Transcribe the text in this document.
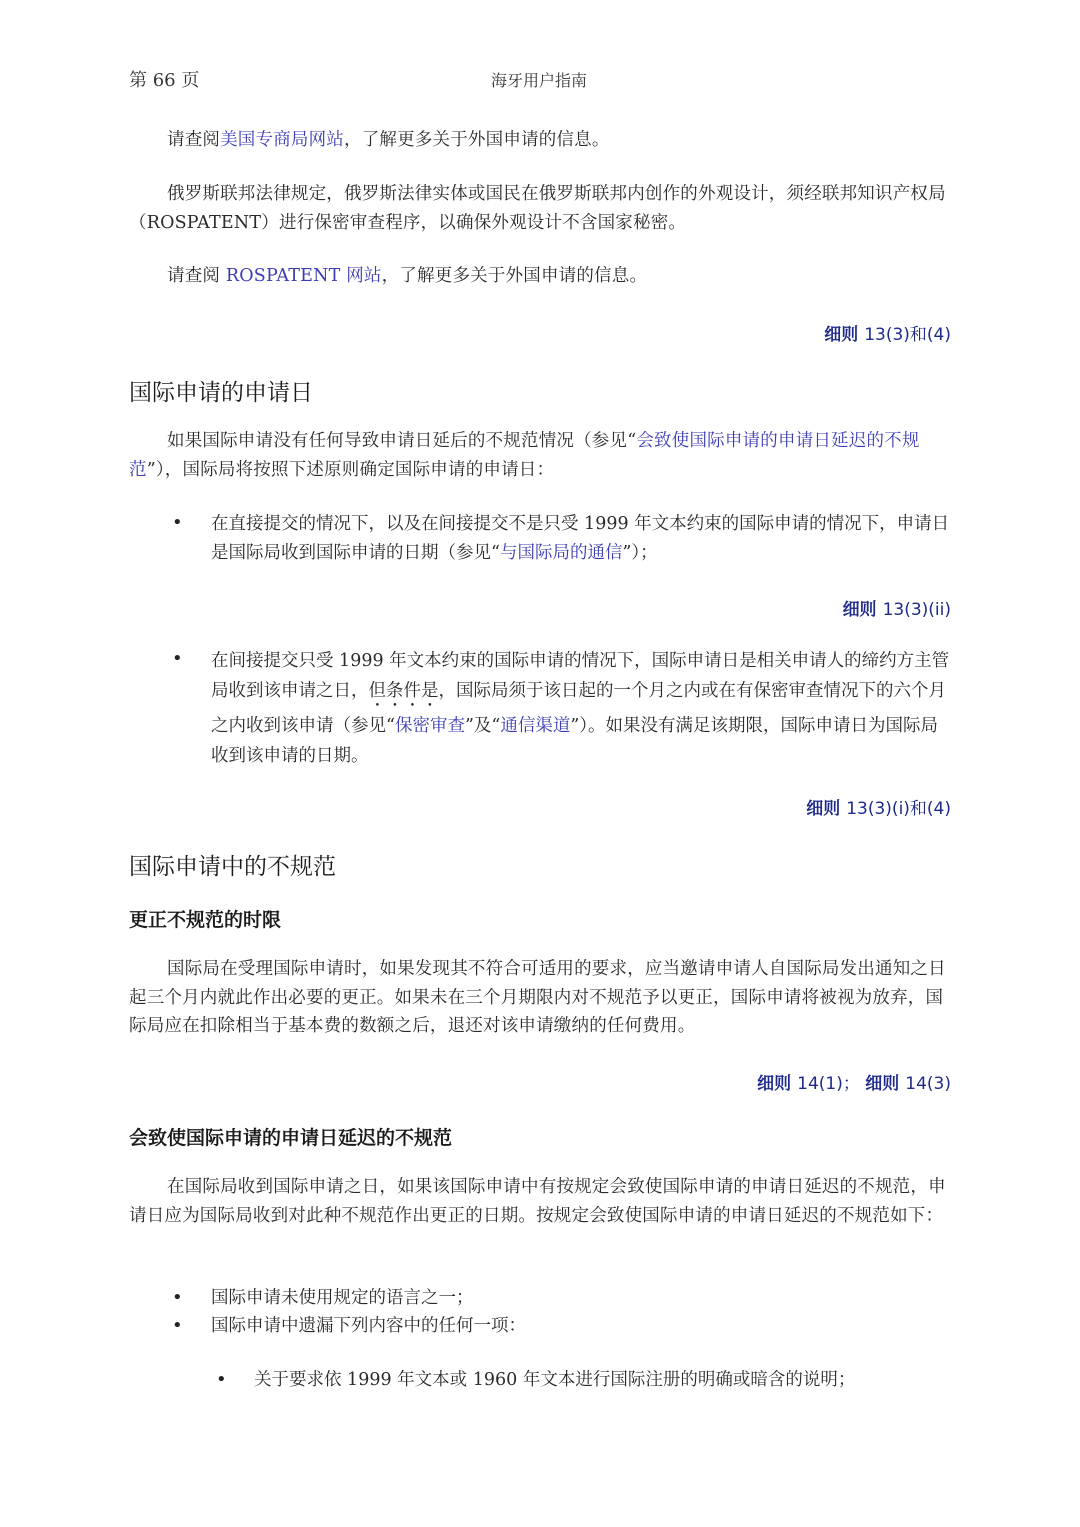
第 66 页	海牙用户指南
请查阅美国专商局网站，了解更多关于外国申请的信息。
俄罗斯联邦法律规定，俄罗斯法律实体或国民在俄罗斯联邦内创作的外观设计，须经联邦知识产权局（ROSPATENT）进行保密审查程序，以确保外观设计不含国家秘密。
请查阅 ROSPATENT 网站，了解更多关于外国申请的信息。
细则 13(3)和(4)
国际申请的申请日
如果国际申请没有任何导致申请日延后的不规范情况（参见“会致使国际申请的申请日延迟的不规范”），国际局将按照下述原则确定国际申请的申请日：
• 在直接提交的情况下，以及在间接提交不是只受 1999 年文本约束的国际申请的情况下，申请日是国际局收到国际申请的日期（参见“与国际局的通信”）；
细则 13(3)(ii)
• 在间接提交只受 1999 年文本约束的国际申请的情况下，国际申请日是相关申请人的缔约方主管局收到该申请之日，但条件是，国际局须于该日起的一个月之内或在有保密审查情况下的六个月之内收到该申请（参见“保密审查”及“通信渠道”）。如果没有满足该期限，国际申请日为国际局收到该申请的日期。
细则 13(3)(i)和(4)
国际申请中的不规范
更正不规范的时限
国际局在受理国际申请时，如果发现其不符合可适用的要求，应当邀请申请人自国际局发出通知之日起三个月内就此作出必要的更正。如果未在三个月期限内对不规范予以更正，国际申请将被视为放弃，国际局应在扣除相当于基本费的数额之后，退还对该申请缴纳的任何费用。
细则 14(1)； 细则 14(3)
会致使国际申请的申请日延迟的不规范
在国际局收到国际申请之日，如果该国际申请中有按规定会致使国际申请的申请日延迟的不规范，申请日应为国际局收到对此种不规范作出更正的日期。按规定会致使国际申请的申请日延迟的不规范如下：
• 国际申请未使用规定的语言之一；
• 国际申请中遗漏下列内容中的任何一项：
• 关于要求依 1999 年文本或 1960 年文本进行国际注册的明确或暗含的说明；
